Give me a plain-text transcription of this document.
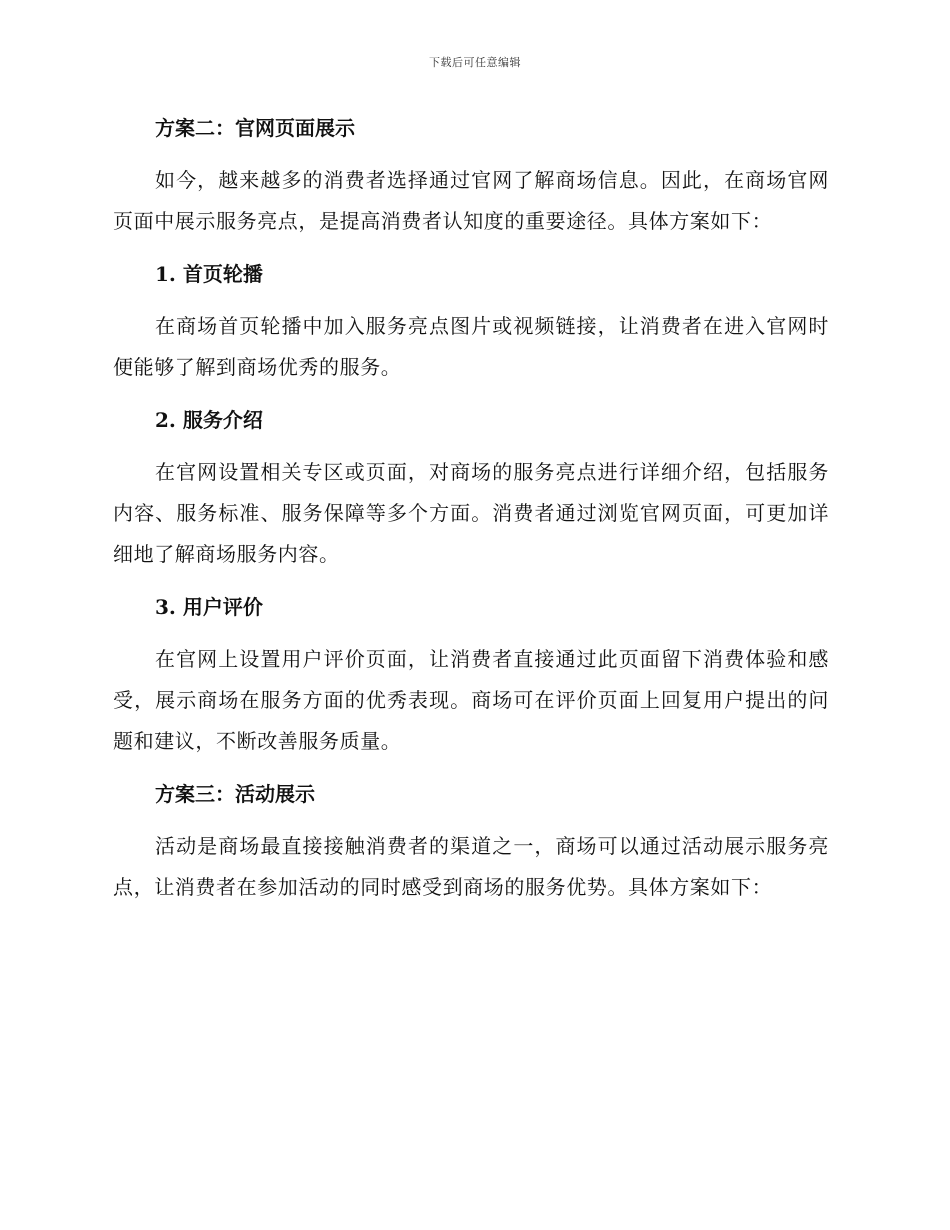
下载后可任意编辑

方案二：官网页面展示

如今，越来越多的消费者选择通过官网了解商场信息。因此，在商场官网页面中展示服务亮点，是提高消费者认知度的重要途径。具体方案如下：

1. 首页轮播

在商场首页轮播中加入服务亮点图片或视频链接，让消费者在进入官网时便能够了解到商场优秀的服务。

2. 服务介绍

在官网设置相关专区或页面，对商场的服务亮点进行详细介绍，包括服务内容、服务标准、服务保障等多个方面。消费者通过浏览官网页面，可更加详细地了解商场服务内容。

3. 用户评价

在官网上设置用户评价页面，让消费者直接通过此页面留下消费体验和感受，展示商场在服务方面的优秀表现。商场可在评价页面上回复用户提出的问题和建议，不断改善服务质量。

方案三：活动展示

活动是商场最直接接触消费者的渠道之一，商场可以通过活动展示服务亮点，让消费者在参加活动的同时感受到商场的服务优势。具体方案如下：
